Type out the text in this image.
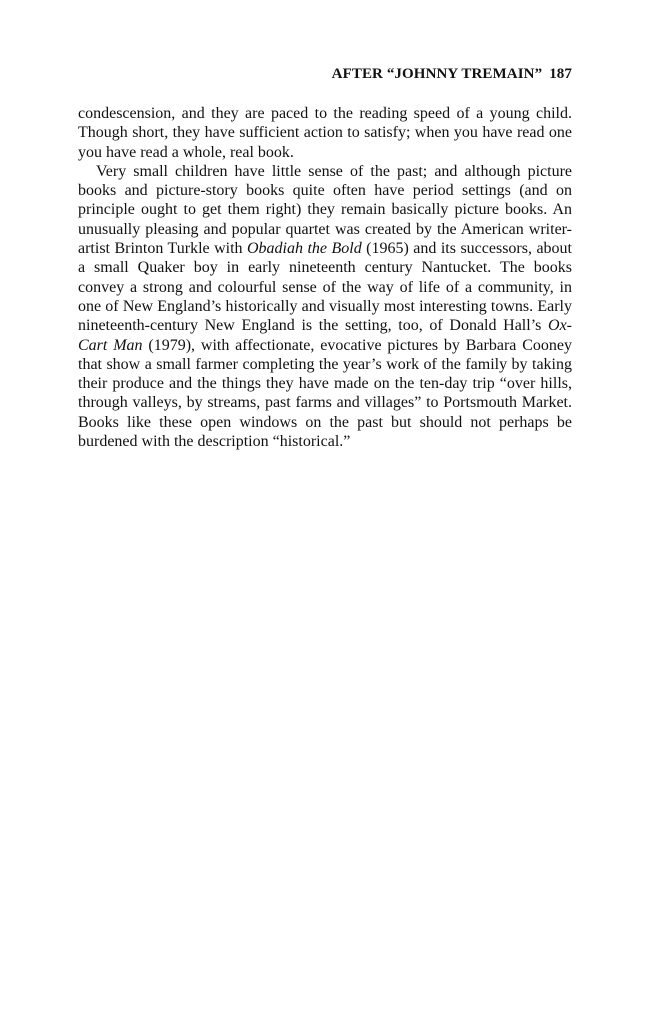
AFTER “JOHNNY TREMAIN” 187

condescension, and they are paced to the reading speed of a young child. Though short, they have sufficient action to satisfy; when you have read one you have read a whole, real book.

Very small children have little sense of the past; and although picture books and picture-story books quite often have period settings (and on principle ought to get them right) they remain basically picture books. An unusually pleasing and popular quartet was created by the American writer-artist Brinton Turkle with Obadiah the Bold (1965) and its successors, about a small Quaker boy in early nineteenth century Nantucket. The books convey a strong and colourful sense of the way of life of a community, in one of New England’s historically and visually most interesting towns. Early nineteenth-century New England is the setting, too, of Donald Hall’s Ox-Cart Man (1979), with affectionate, evocative pictures by Barbara Cooney that show a small farmer completing the year’s work of the family by taking their produce and the things they have made on the ten-day trip “over hills, through valleys, by streams, past farms and villages” to Portsmouth Market. Books like these open windows on the past but should not perhaps be burdened with the description “historical.”
